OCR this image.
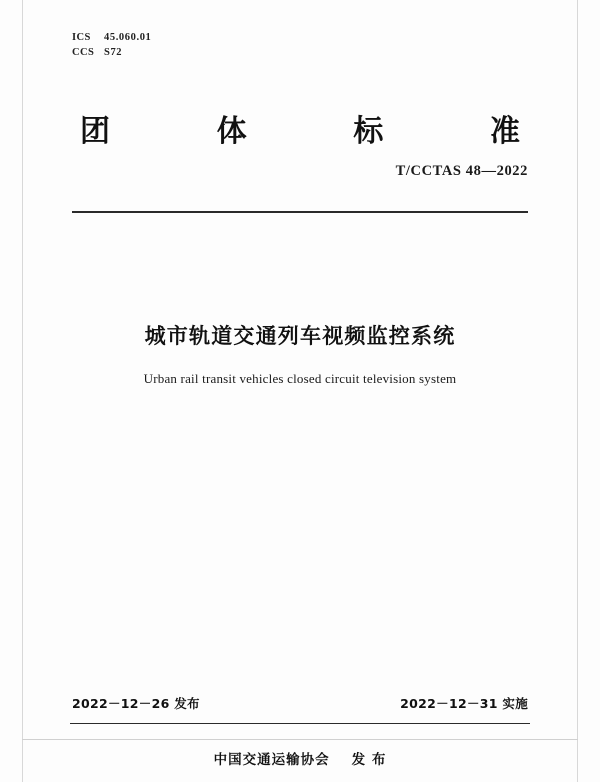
ICS 45.060.01
CCS S72
团	体	标	准
T/CCTAS 48—2022
城市轨道交通列车视频监控系统
Urban rail transit vehicles closed circuit television system
2022－12－26 发布	2022－12－31 实施
中国交通运输协会 发 布
